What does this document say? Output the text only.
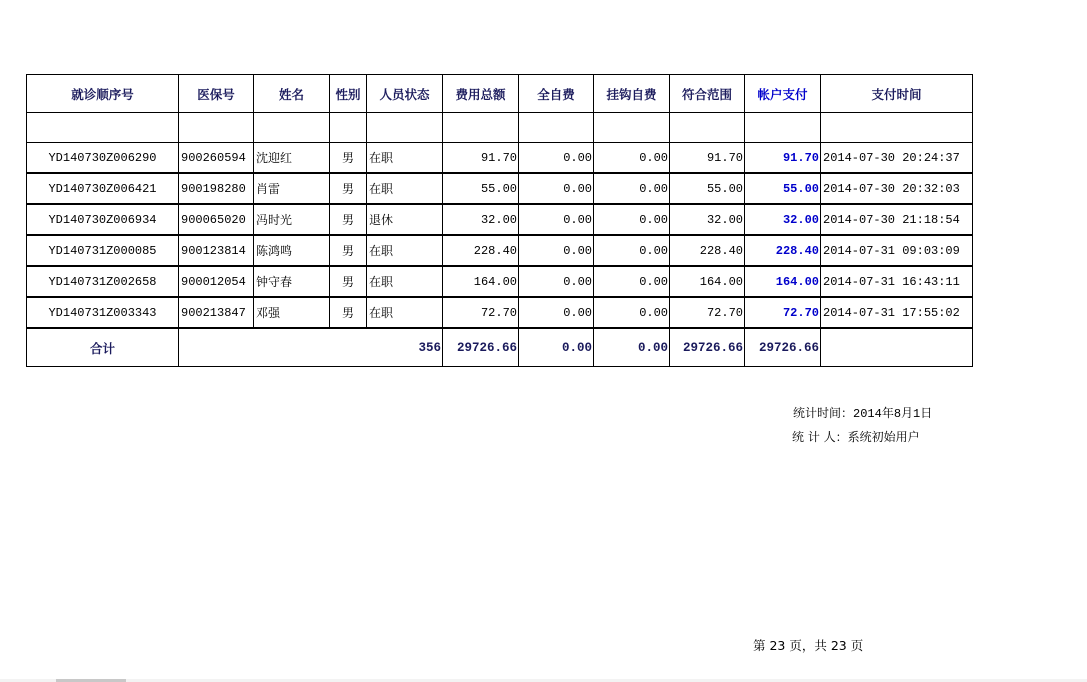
就诊顺序号	医保号	姓名	性别	人员状态	费用总额	全自费	挂钩自费	符合范围	帐户支付	支付时间

YD140730Z006290	900260594	沈迎红	男	在职	91.70	0.00	0.00	91.70	91.70	2014-07-30 20:24:37
YD140730Z006421	900198280	肖雷	男	在职	55.00	0.00	0.00	55.00	55.00	2014-07-30 20:32:03
YD140730Z006934	900065020	冯时光	男	退休	32.00	0.00	0.00	32.00	32.00	2014-07-30 21:18:54
YD140731Z000085	900123814	陈鸿鸣	男	在职	228.40	0.00	0.00	228.40	228.40	2014-07-31 09:03:09
YD140731Z002658	900012054	钟守春	男	在职	164.00	0.00	0.00	164.00	164.00	2014-07-31 16:43:11
YD140731Z003343	900213847	邓强	男	在职	72.70	0.00	0.00	72.70	72.70	2014-07-31 17:55:02
合计	356				29726.66	0.00	0.00	29726.66	29726.66	
统计时间：2014年8月1日
统 计 人：系统初始用户
第 23 页，共 23 页
